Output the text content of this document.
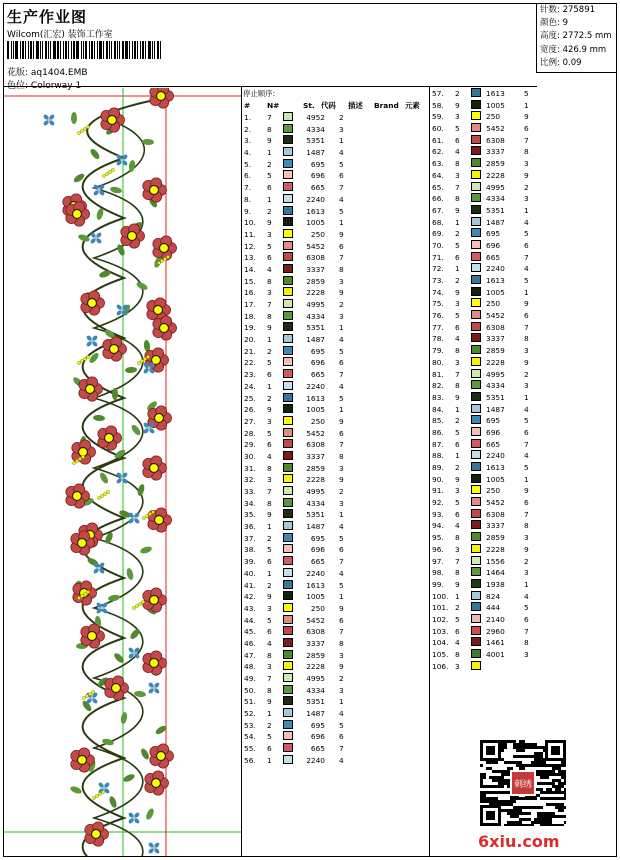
生产作业图
Wilcom(汇宏) 装饰工作室
花版: aq1404.EMB
色位: Colorway 1
针数: 275891
颜色: 9
高度: 2772.5 mm
宽度: 426.9 mm
比例: 0.09
停止顺序:
# N#	St. 代码 描述 Brand 元素
1. 7	4952 2
2. 8	4334 3
3. 9	5351 1
4. 1	1487 4
5. 2	695 5
6. 5	696 6
7. 6	665 7
8. 1	2240 4
9. 2	1613 5
10. 9	1005 1
11. 3	250 9
12. 5	5452 6
13. 6	6308 7
14. 4	3337 8
15. 8	2859 3
16. 3	2228 9
17. 7	4995 2
18. 8	4334 3
19. 9	5351 1
20. 1	1487 4
21. 2	695 5
22. 5	696 6
23. 6	665 7
24. 1	2240 4
25. 2	1613 5
26. 9	1005 1
27. 3	250 9
28. 5	5452 6
29. 6	6308 7
30. 4	3337 8
31. 8	2859 3
32. 3	2228 9
33. 7	4995 2
34. 8	4334 3
35. 9	5351 1
36. 1	1487 4
37. 2	695 5
38. 5	696 6
39. 6	665 7
40. 1	2240 4
41. 2	1613 5
42. 9	1005 1
43. 3	250 9
44. 5	5452 6
45. 6	6308 7
46. 4	3337 8
47. 8	2859 3
48. 3	2228 9
49. 7	4995 2
50. 8	4334 3
51. 9	5351 1
52. 1	1487 4
53. 2	695 5
54. 5	696 6
55. 6	665 7
56. 1	2240 4
57. 2	1613	5
58. 9	1005	1
59. 3	250	9
60. 5	5452	6
61. 6	6308	7
62. 4	3337	8
63. 8	2859	3
64. 3	2228	9
65. 7	4995	2
66. 8	4334	3
67. 9	5351	1
68. 1	1487	4
69. 2	695	5
70. 5	696	6
71. 6	665	7
72. 1	2240	4
73. 2	1613	5
74. 9	1005	1
75. 3	250	9
76. 5	5452	6
77. 6	6308	7
78. 4	3337	8
79. 8	2859	3
80. 3	2228	9
81. 7	4995	2
82. 8	4334	3
83. 9	5351	1
84. 1	1487	4
85. 2	695	5
86. 5	696	6
87. 6	665	7
88. 1	2240	4
89. 2	1613	5
90. 9	1005	1
91. 3	250	9
92. 5	5452	6
93. 6	6308	7
94. 4	3337	8
95. 8	2859	3
96. 3	2228	9
97. 7	1556	2
98. 8	1464	3
99. 9	1938	1
100. 1	824	4
101. 2	444	5
102. 5	2140	6
103. 6	2960	7
104. 4	1461	8
105. 8	4001	3
106. 3
刺绣
6xiu.com
